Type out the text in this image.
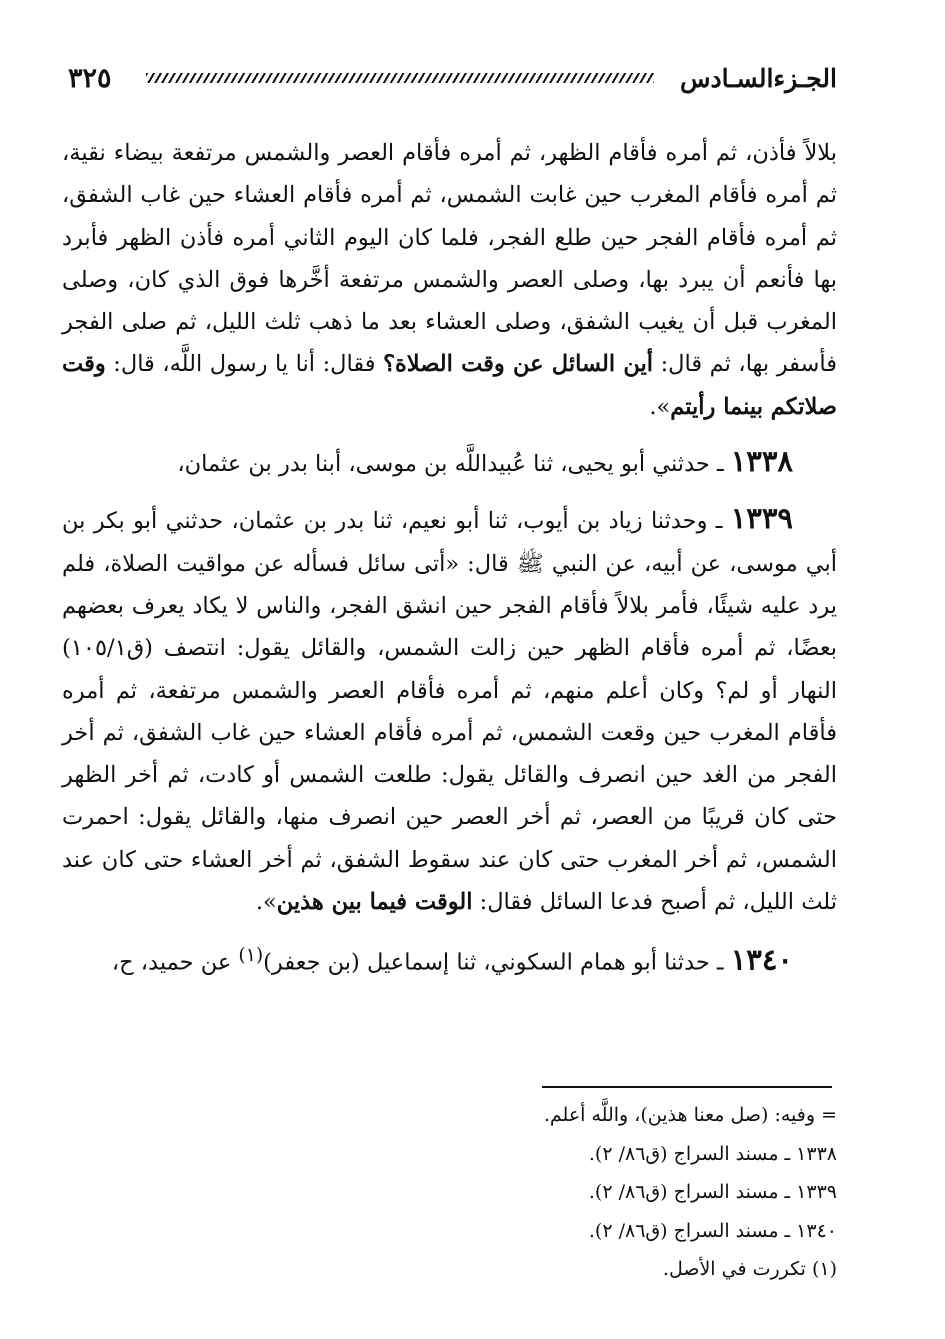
الجـزءالسـادس
٣٢٥

بلالاً فأذن، ثم أمره فأقام الظهر، ثم أمره فأقام العصر والشمس مرتفعة بيضاء نقية، ثم أمره فأقام المغرب حين غابت الشمس، ثم أمره فأقام العشاء حين غاب الشفق، ثم أمره فأقام الفجر حين طلع الفجر، فلما كان اليوم الثاني أمره فأذن الظهر فأبرد بها فأنعم أن يبرد بها، وصلى العصر والشمس مرتفعة أخَّرها فوق الذي كان، وصلى المغرب قبل أن يغيب الشفق، وصلى العشاء بعد ما ذهب ثلث الليل، ثم صلى الفجر فأسفر بها، ثم قال: أين السائل عن وقت الصلاة؟ فقال: أنا يا رسول اللَّه، قال: وقت صلاتكم بينما رأيتم».

١٣٣٨ ـ حدثني أبو يحيى، ثنا عُبيداللَّه بن موسى، أبنا بدر بن عثمان،

١٣٣٩ ـ وحدثنا زياد بن أيوب، ثنا أبو نعيم، ثنا بدر بن عثمان، حدثني أبو بكر بن أبي موسى، عن أبيه، عن النبي ﷺ قال: «أتى سائل فسأله عن مواقيت الصلاة، فلم يرد عليه شيئًا، فأمر بلالاً فأقام الفجر حين انشق الفجر، والناس لا يكاد يعرف بعضهم بعضًا، ثم أمره فأقام الظهر حين زالت الشمس، والقائل يقول: انتصف (ق١٠٥/١) النهار أو لم؟ وكان أعلم منهم، ثم أمره فأقام العصر والشمس مرتفعة، ثم أمره فأقام المغرب حين وقعت الشمس، ثم أمره فأقام العشاء حين غاب الشفق، ثم أخر الفجر من الغد حين انصرف والقائل يقول: طلعت الشمس أو كادت، ثم أخر الظهر حتى كان قريبًا من العصر، ثم أخر العصر حين انصرف منها، والقائل يقول: احمرت الشمس، ثم أخر المغرب حتى كان عند سقوط الشفق، ثم أخر العشاء حتى كان عند ثلث الليل، ثم أصبح فدعا السائل فقال: الوقت فيما بين هذين».

١٣٤٠ ـ حدثنا أبو همام السكوني، ثنا إسماعيل (بن جعفر)$^{(١)}$ عن حميد، ح،

= وفيه: (صل معنا هذين)، واللَّه أعلم.
١٣٣٨ ـ مسند السراج (ق٨٦/ ٢).
١٣٣٩ ـ مسند السراج (ق٨٦/ ٢).
١٣٤٠ ـ مسند السراج (ق٨٦/ ٢).
(١) تكررت في الأصل.
